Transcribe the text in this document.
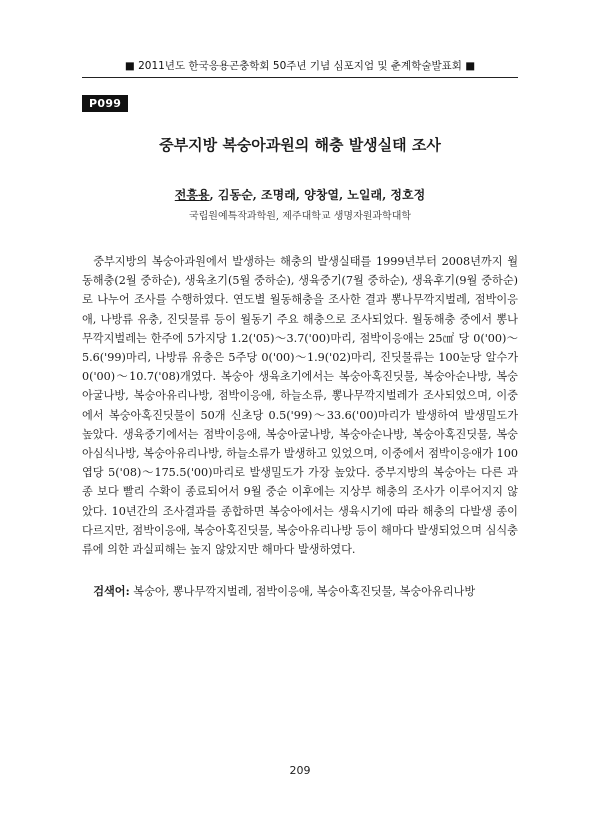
■ 2011년도 한국응용곤충학회 50주년 기념 심포지엄 및 춘계학술발표회 ■
P099
중부지방 복숭아과원의 해충 발생실태 조사
전흥용, 김동순, 조명래, 양창열, 노일래, 정호정
국립원예특작과학원, 제주대학교 생명자원과학대학
중부지방의 복숭아과원에서 발생하는 해충의 발생실태를 1999년부터 2008년까지 월동해충(2월 중하순), 생육초기(5월 중하순), 생육중기(7월 중하순), 생육후기(9월 중하순)로 나누어 조사를 수행하였다. 연도별 월동해충을 조사한 결과 뽕나무깍지벌레, 점박이응애, 나방류 유충, 진딧물류 등이 월동기 주요 해충으로 조사되었다. 월동해충 중에서 뽕나무깍지벌레는 한주에 5가지당 1.2('05)～3.7('00)마리, 점박이응애는 25㎠ 당 0('00)～5.6('99)마리, 나방류 유충은 5주당 0('00)～1.9('02)마리, 진딧물류는 100눈당 알수가 0('00)～10.7('08)개였다. 복숭아 생육초기에서는 복숭아혹진딧물, 복숭아순나방, 복숭아굴나방, 복숭아유리나방, 점박이응애, 하늘소류, 뽕나무깍지벌레가 조사되었으며, 이중에서 복숭아혹진딧물이 50개 신초당 0.5('99)～33.6('00)마리가 발생하여 발생밀도가 높았다. 생육중기에서는 점박이응애, 복숭아굴나방, 복숭아순나방, 복숭아혹진딧물, 복숭아심식나방, 복숭아유리나방, 하늘소류가 발생하고 있었으며, 이중에서 점박이응애가 100엽당 5('08)～175.5('00)마리로 발생밀도가 가장 높았다. 중부지방의 복숭아는 다른 과종 보다 빨리 수확이 종료되어서 9월 중순 이후에는 지상부 해충의 조사가 이루어지지 않았다. 10년간의 조사결과를 종합하면 복숭아에서는 생육시기에 따라 해충의 다발생 종이 다르지만, 점박이응애, 복숭아혹진딧물, 복숭아유리나방 등이 해마다 발생되었으며 심식충류에 의한 과실피해는 높지 않았지만 해마다 발생하였다.
검색어: 복숭아, 뽕나무깍지벌레, 점박이응애, 복숭아혹진딧물, 복숭아유리나방
209
